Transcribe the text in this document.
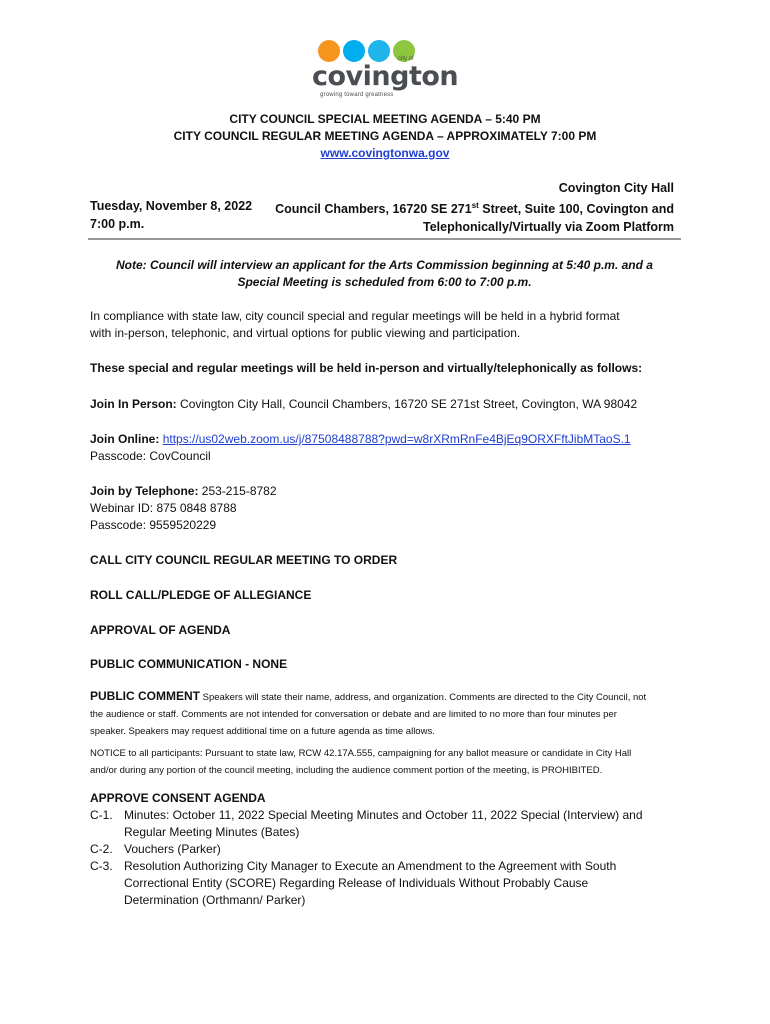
city of
covington
growing toward greatness
CITY COUNCIL SPECIAL MEETING AGENDA – 5:40 PM
CITY COUNCIL REGULAR MEETING AGENDA – APPROXIMATELY 7:00 PM
www.covingtonwa.gov
Tuesday, November 8, 2022
7:00 p.m.
Covington City Hall
Council Chambers, 16720 SE 271st Street, Suite 100, Covington and
Telephonically/Virtually via Zoom Platform
Note: Council will interview an applicant for the Arts Commission beginning at 5:40 p.m. and a
Special Meeting is scheduled from 6:00 to 7:00 p.m.
In compliance with state law, city council special and regular meetings will be held in a hybrid format
with in-person, telephonic, and virtual options for public viewing and participation.
These special and regular meetings will be held in-person and virtually/telephonically as follows:
Join In Person: Covington City Hall, Council Chambers, 16720 SE 271st Street, Covington, WA 98042
Join Online: https://us02web.zoom.us/j/87508488788?pwd=w8rXRmRnFe4BjEq9ORXFftJibMTaoS.1
Passcode: CovCouncil
Join by Telephone: 253-215-8782
Webinar ID: 875 0848 8788
Passcode: 9559520229
CALL CITY COUNCIL REGULAR MEETING TO ORDER
ROLL CALL/PLEDGE OF ALLEGIANCE
APPROVAL OF AGENDA
PUBLIC COMMUNICATION - NONE
PUBLIC COMMENT Speakers will state their name, address, and organization. Comments are directed to the City Council, not
the audience or staff. Comments are not intended for conversation or debate and are limited to no more than four minutes per
speaker. Speakers may request additional time on a future agenda as time allows.
NOTICE to all participants: Pursuant to state law, RCW 42.17A.555, campaigning for any ballot measure or candidate in City Hall
and/or during any portion of the council meeting, including the audience comment portion of the meeting, is PROHIBITED.
APPROVE CONSENT AGENDA
C-1. Minutes: October 11, 2022 Special Meeting Minutes and October 11, 2022 Special (Interview) and
Regular Meeting Minutes (Bates)
C-2. Vouchers (Parker)
C-3. Resolution Authorizing City Manager to Execute an Amendment to the Agreement with South
Correctional Entity (SCORE) Regarding Release of Individuals Without Probably Cause
Determination (Orthmann/ Parker)
